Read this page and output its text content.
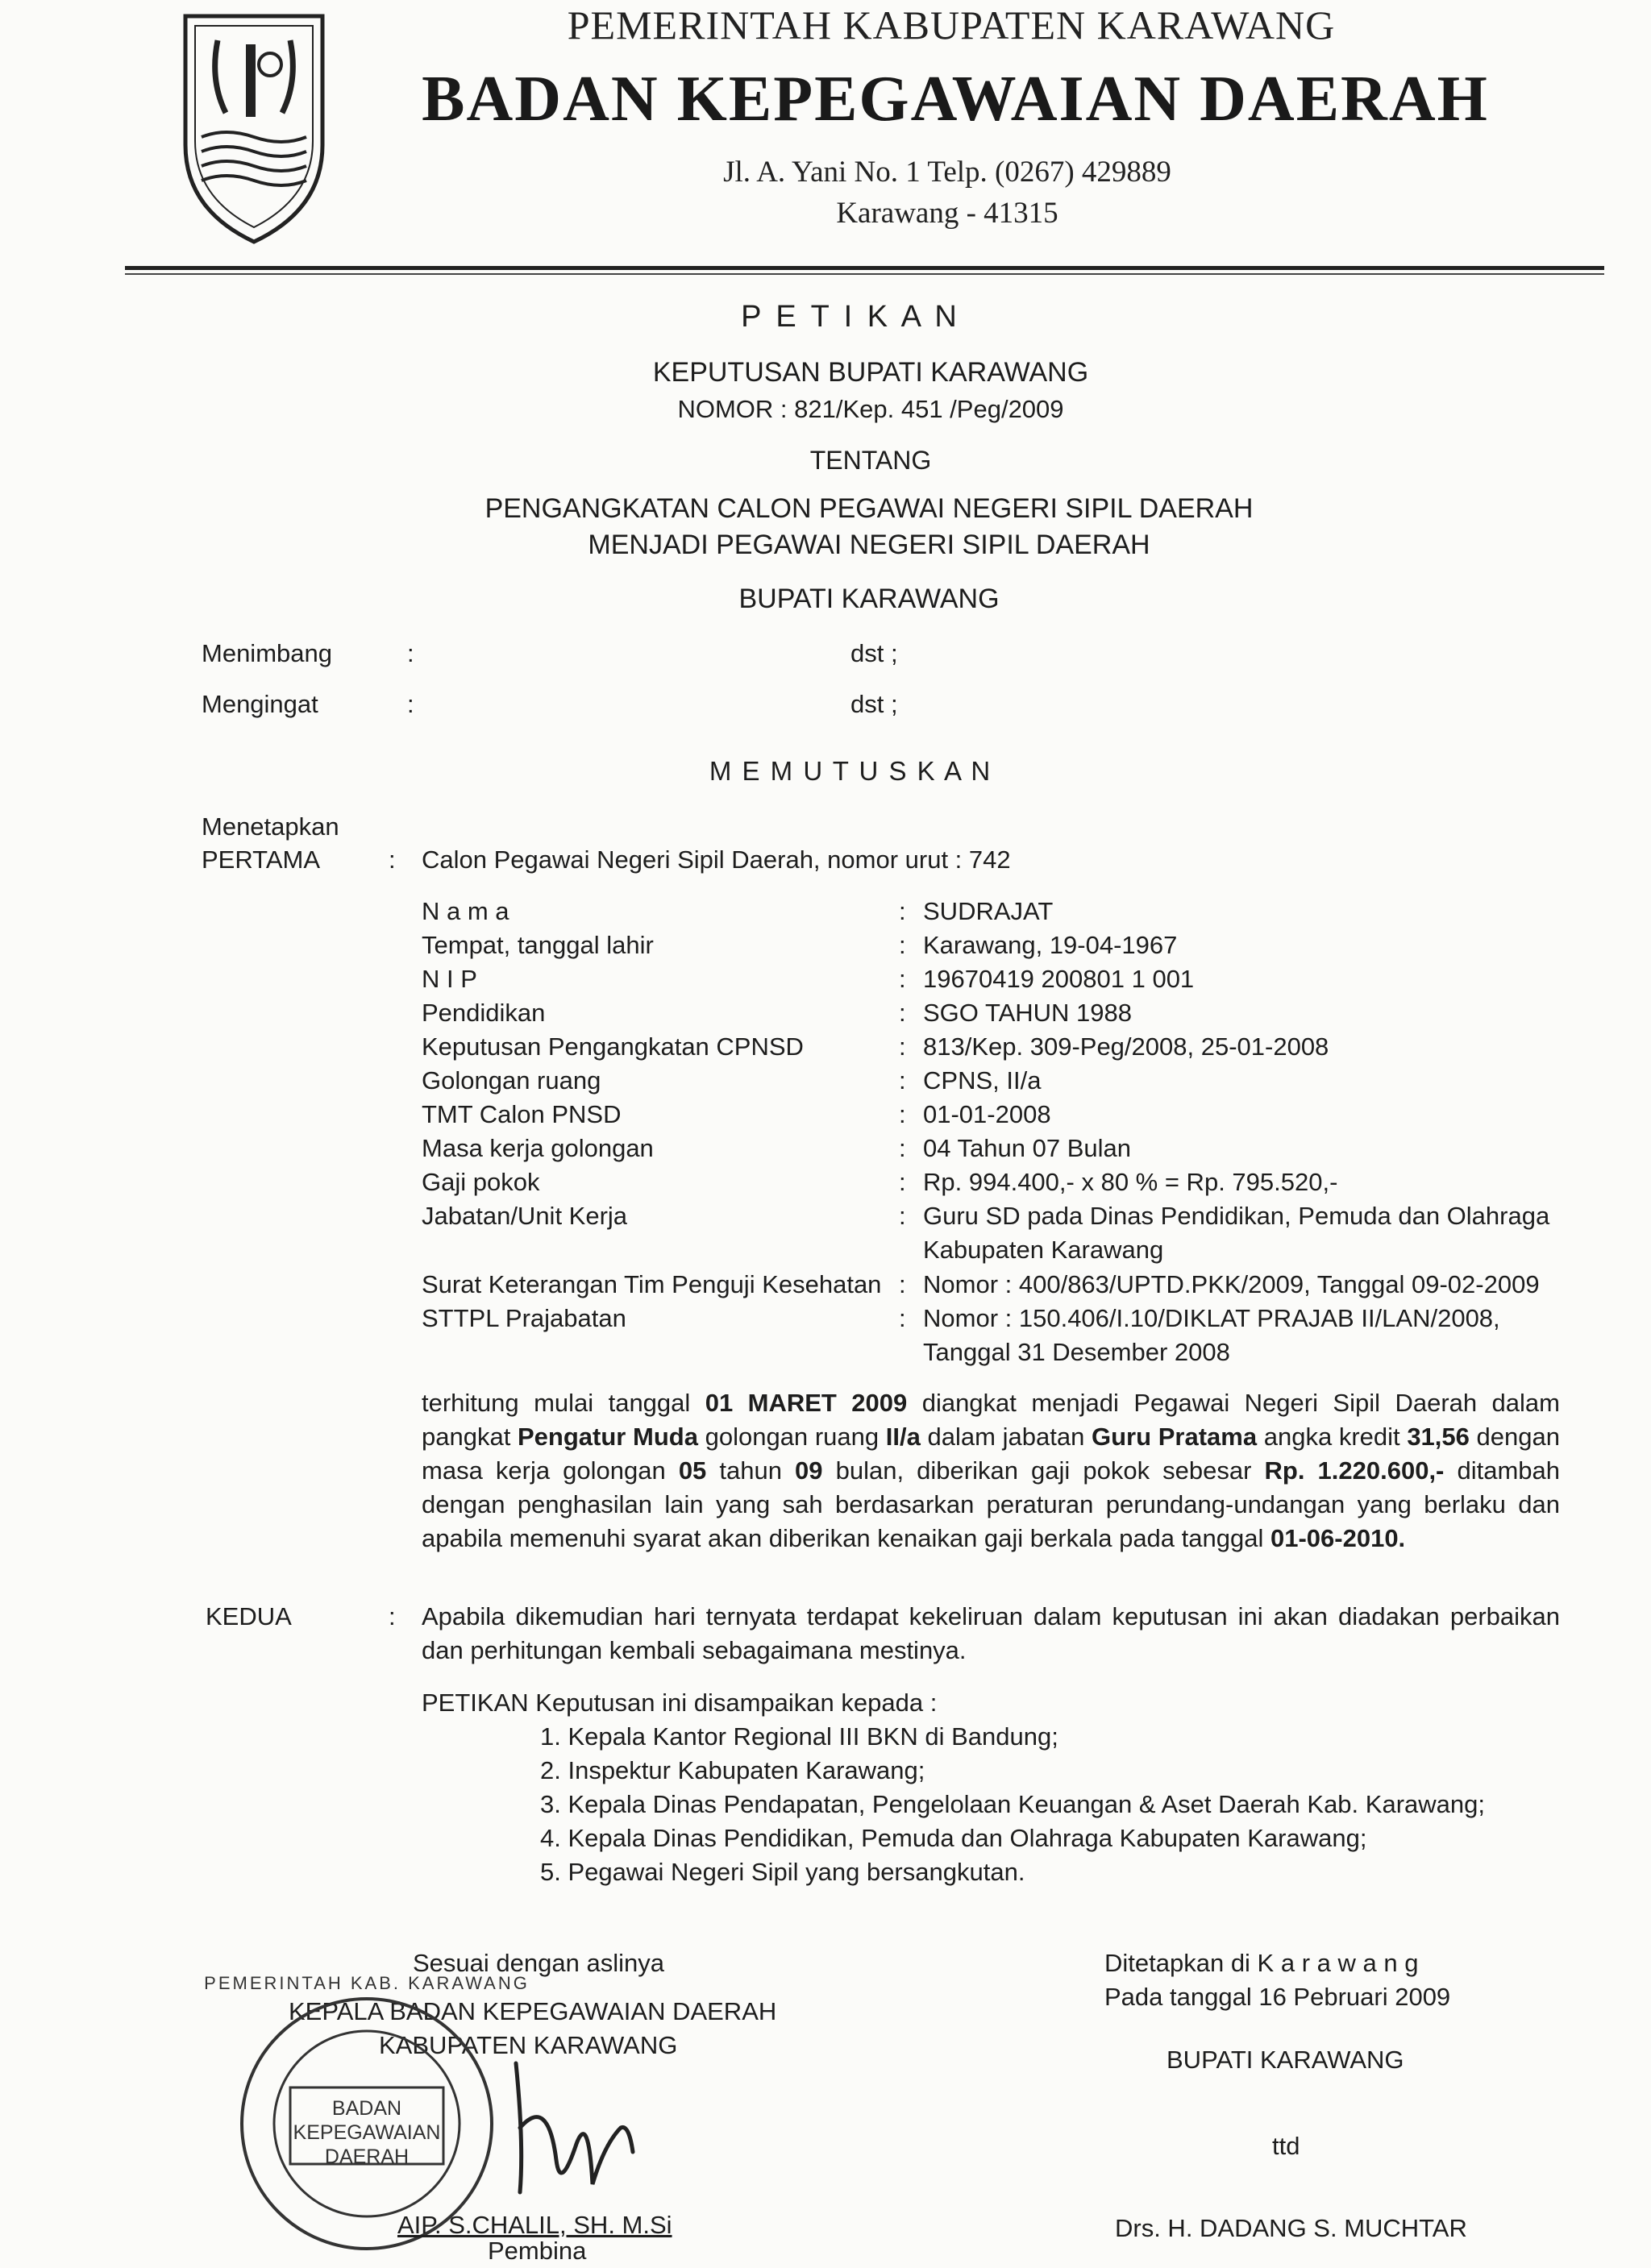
PEMERINTAH KABUPATEN KARAWANG
BADAN KEPEGAWAIAN DAERAH
Jl. A. Yani No. 1 Telp. (0267) 429889
Karawang - 41315
P E T I K A N
KEPUTUSAN BUPATI KARAWANG
NOMOR : 821/Kep. 451 /Peg/2009
TENTANG
PENGANGKATAN CALON PEGAWAI NEGERI SIPIL DAERAH
MENJADI PEGAWAI NEGERI SIPIL DAERAH
BUPATI KARAWANG
Menimbang	:	dst ;
Mengingat	:	dst ;
M E M U T U S K A N
Menetapkan
PERTAMA	: Calon Pegawai Negeri Sipil Daerah, nomor urut : 742
N a m a	: SUDRAJAT
Tempat, tanggal lahir	: Karawang, 19-04-1967
N I P	: 19670419 200801 1 001
Pendidikan	: SGO TAHUN 1988
Keputusan Pengangkatan CPNSD	: 813/Kep. 309-Peg/2008, 25-01-2008
Golongan ruang	: CPNS, II/a
TMT Calon PNSD	: 01-01-2008
Masa kerja golongan	: 04 Tahun 07 Bulan
Gaji pokok	: Rp. 994.400,- x 80 % = Rp. 795.520,-
Jabatan/Unit Kerja	: Guru SD pada Dinas Pendidikan, Pemuda dan Olahraga
Kabupaten Karawang
Surat Keterangan Tim Penguji Kesehatan : Nomor : 400/863/UPTD.PKK/2009, Tanggal 09-02-2009
STTPL Prajabatan	: Nomor : 150.406/I.10/DIKLAT PRAJAB II/LAN/2008,
Tanggal 31 Desember 2008
terhitung mulai tanggal 01 MARET 2009 diangkat menjadi Pegawai Negeri Sipil Daerah dalam pangkat Pengatur Muda golongan ruang II/a dalam jabatan Guru Pratama angka kredit 31,56 dengan masa kerja golongan 05 tahun 09 bulan, diberikan gaji pokok sebesar Rp. 1.220.600,- ditambah dengan penghasilan lain yang sah berdasarkan peraturan perundang-undangan yang berlaku dan apabila memenuhi syarat akan diberikan kenaikan gaji berkala pada tanggal 01-06-2010.
KEDUA	: Apabila dikemudian hari ternyata terdapat kekeliruan dalam keputusan ini akan diadakan perbaikan dan perhitungan kembali sebagaimana mestinya.
PETIKAN Keputusan ini disampaikan kepada :
1. Kepala Kantor Regional III BKN di Bandung;
2. Inspektur Kabupaten Karawang;
3. Kepala Dinas Pendapatan, Pengelolaan Keuangan & Aset Daerah Kab. Karawang;
4. Kepala Dinas Pendidikan, Pemuda dan Olahraga Kabupaten Karawang;
5. Pegawai Negeri Sipil yang bersangkutan.
Sesuai dengan aslinya
KEPALA BADAN KEPEGAWAIAN DAERAH
KABUPATEN KARAWANG
PEMERINTAH KAB. KARAWANG
BADAN
KEPEGAWAIAN
DAERAH
AIP. S.CHALIL, SH. M.Si
Pembina
Ditetapkan di K a r a w a n g
Pada tanggal 16 Pebruari 2009
BUPATI KARAWANG
ttd
Drs. H. DADANG S. MUCHTAR
